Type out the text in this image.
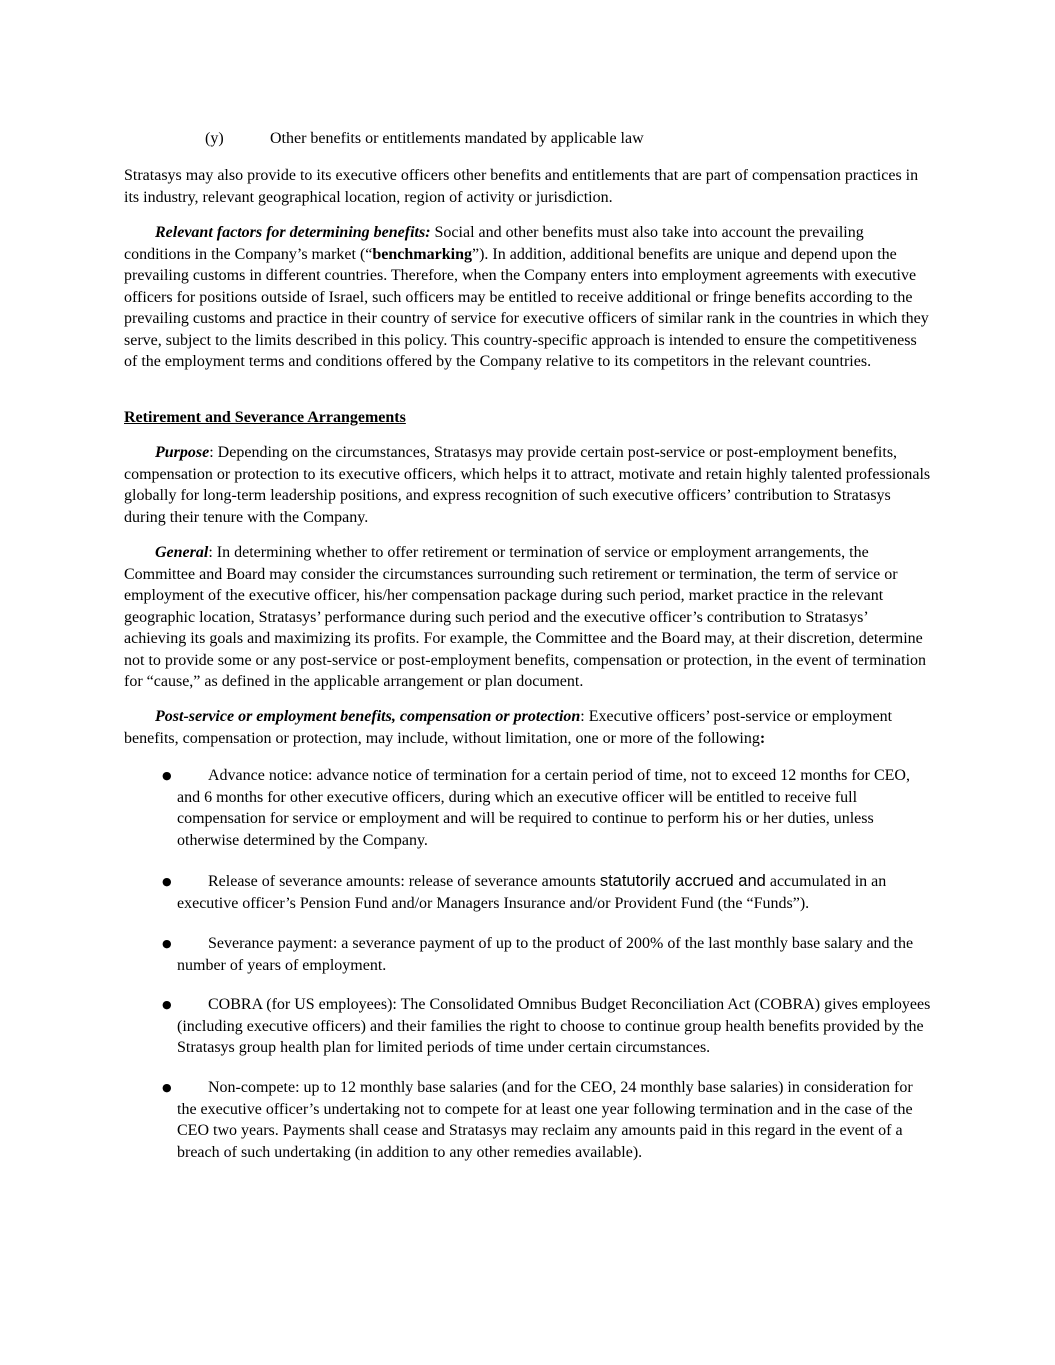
(y)	Other benefits or entitlements mandated by applicable law

Stratasys may also provide to its executive officers other benefits and entitlements that are part of compensation practices in its industry, relevant geographical location, region of activity or jurisdiction.

Relevant factors for determining benefits: Social and other benefits must also take into account the prevailing conditions in the Company’s market (“benchmarking”). In addition, additional benefits are unique and depend upon the prevailing customs in different countries. Therefore, when the Company enters into employment agreements with executive officers for positions outside of Israel, such officers may be entitled to receive additional or fringe benefits according to the prevailing customs and practice in their country of service for executive officers of similar rank in the countries in which they serve, subject to the limits described in this policy. This country-specific approach is intended to ensure the competitiveness of the employment terms and conditions offered by the Company relative to its competitors in the relevant countries.

Retirement and Severance Arrangements

Purpose: Depending on the circumstances, Stratasys may provide certain post-service or post-employment benefits, compensation or protection to its executive officers, which helps it to attract, motivate and retain highly talented professionals globally for long-term leadership positions, and express recognition of such executive officers’ contribution to Stratasys during their tenure with the Company.

General: In determining whether to offer retirement or termination of service or employment arrangements, the Committee and Board may consider the circumstances surrounding such retirement or termination, the term of service or employment of the executive officer, his/her compensation package during such period, market practice in the relevant geographic location, Stratasys’ performance during such period and the executive officer’s contribution to Stratasys’ achieving its goals and maximizing its profits. For example, the Committee and the Board may, at their discretion, determine not to provide some or any post-service or post-employment benefits, compensation or protection, in the event of termination for “cause,” as defined in the applicable arrangement or plan document.

Post-service or employment benefits, compensation or protection: Executive officers’ post-service or employment benefits, compensation or protection, may include, without limitation, one or more of the following:

● Advance notice: advance notice of termination for a certain period of time, not to exceed 12 months for CEO, and 6 months for other executive officers, during which an executive officer will be entitled to receive full compensation for service or employment and will be required to continue to perform his or her duties, unless otherwise determined by the Company.

● Release of severance amounts: release of severance amounts statutorily accrued and accumulated in an executive officer’s Pension Fund and/or Managers Insurance and/or Provident Fund (the “Funds”).

● Severance payment: a severance payment of up to the product of 200% of the last monthly base salary and the number of years of employment.

● COBRA (for US employees): The Consolidated Omnibus Budget Reconciliation Act (COBRA) gives employees (including executive officers) and their families the right to choose to continue group health benefits provided by the Stratasys group health plan for limited periods of time under certain circumstances.

● Non-compete: up to 12 monthly base salaries (and for the CEO, 24 monthly base salaries) in consideration for the executive officer’s undertaking not to compete for at least one year following termination and in the case of the CEO two years. Payments shall cease and Stratasys may reclaim any amounts paid in this regard in the event of a breach of such undertaking (in addition to any other remedies available).
